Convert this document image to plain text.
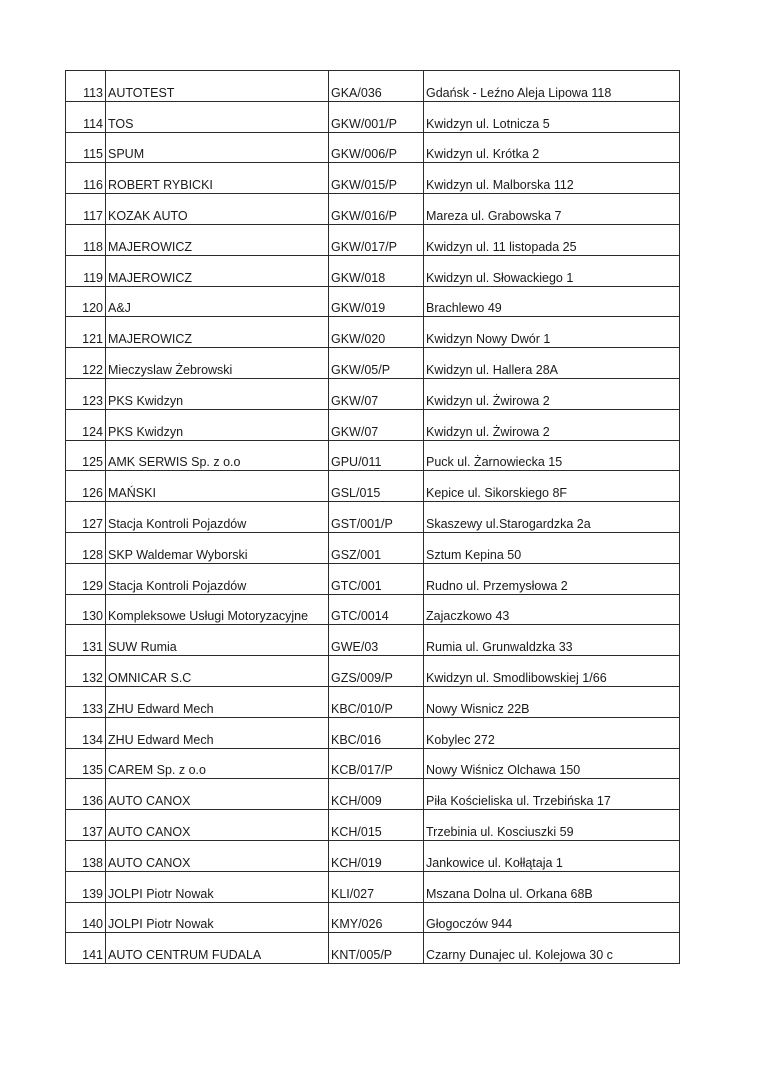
113	AUTOTEST	GKA/036	Gdańsk - Leźno Aleja Lipowa 118
114	TOS	GKW/001/P	Kwidzyn ul. Lotnicza 5
115	SPUM	GKW/006/P	Kwidzyn ul. Krótka 2
116	ROBERT RYBICKI	GKW/015/P	Kwidzyn ul. Malborska 112
117	KOZAK AUTO	GKW/016/P	Mareza ul. Grabowska 7
118	MAJEROWICZ	GKW/017/P	Kwidzyn ul. 11 listopada 25
119	MAJEROWICZ	GKW/018	Kwidzyn ul. Słowackiego 1
120	A&J	GKW/019	Brachlewo 49
121	MAJEROWICZ	GKW/020	Kwidzyn Nowy Dwór 1
122	Mieczyslaw Żebrowski	GKW/05/P	Kwidzyn ul. Hallera 28A
123	PKS Kwidzyn	GKW/07	Kwidzyn ul. Żwirowa 2
124	PKS Kwidzyn	GKW/07	Kwidzyn ul. Żwirowa 2
125	AMK SERWIS Sp. z o.o	GPU/011	Puck ul. Żarnowiecka 15
126	MAŃSKI	GSL/015	Kepice ul. Sikorskiego 8F
127	Stacja Kontroli Pojazdów	GST/001/P	Skaszewy ul.Starogardzka 2a
128	SKP Waldemar Wyborski	GSZ/001	Sztum Kepina 50
129	Stacja Kontroli Pojazdów	GTC/001	Rudno ul. Przemysłowa 2
130	Kompleksowe Usługi Motoryzacyjne	GTC/0014	Zajaczkowo 43
131	SUW Rumia	GWE/03	Rumia ul. Grunwaldzka 33
132	OMNICAR S.C	GZS/009/P	Kwidzyn ul. Smodlibowskiej 1/66
133	ZHU Edward Mech	KBC/010/P	Nowy Wisnicz 22B
134	ZHU Edward Mech	KBC/016	Kobylec 272
135	CAREM Sp. z o.o	KCB/017/P	Nowy Wiśnicz Olchawa 150
136	AUTO CANOX	KCH/009	Piła Kościeliska ul. Trzebińska 17
137	AUTO CANOX	KCH/015	Trzebinia ul. Kosciuszki 59
138	AUTO CANOX	KCH/019	Jankowice ul. Kołłątaja 1
139	JOLPI Piotr Nowak	KLI/027	Mszana Dolna ul. Orkana 68B
140	JOLPI Piotr Nowak	KMY/026	Głogoczów 944
141	AUTO CENTRUM FUDALA	KNT/005/P	Czarny Dunajec ul. Kolejowa 30 c
